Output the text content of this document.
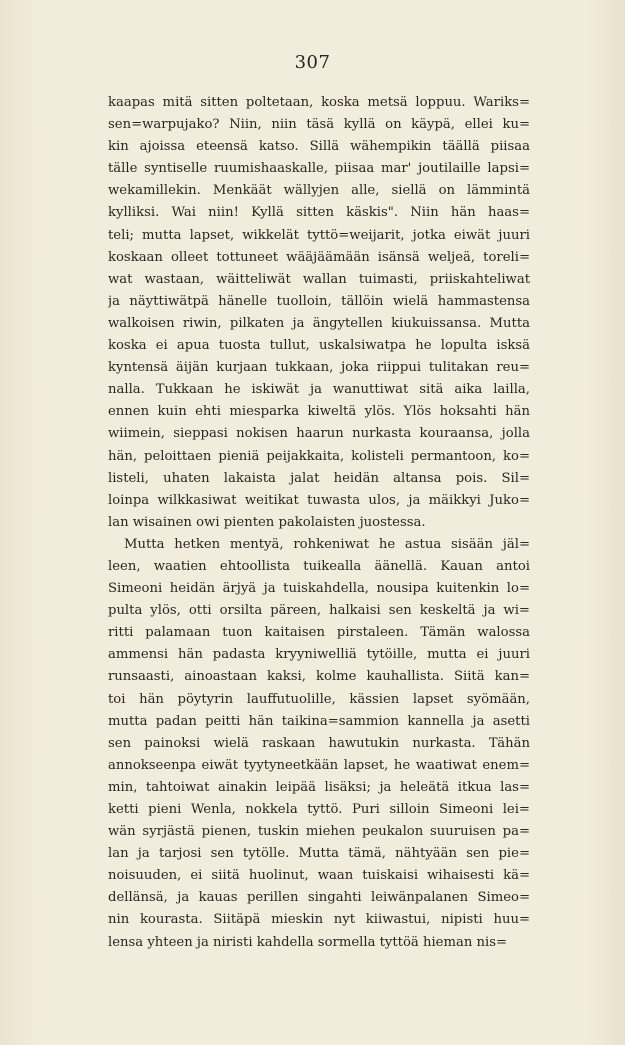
307
kaapas mitä sitten poltetaan, koska metsä loppuu. Wariks=
sen=warpujako? Niin, niin täsä kyllä on käypä, ellei ku=
kin ajoissa eteensä katso. Sillä wähempikin täällä piisaa
tälle syntiselle ruumishaaskalle, piisaa mar' joutilaille lapsi=
wekamillekin. Menkäät wällyjen alle, siellä on lämmintä
kylliksi. Wai niin! Kyllä sitten käskis". Niin hän haas=
teli; mutta lapset, wikkelät tyttö=weijarit, jotka eiwät juuri
koskaan olleet tottuneet wääjäämään isänsä weljeä, toreli=
wat wastaan, wäitteliwät wallan tuimasti, priiskahteliwat
ja näyttiwätpä hänelle tuolloin, tällöin wielä hammastensa
walkoisen riwin, pilkaten ja ängytellen kiukuissansa. Mutta
koska ei apua tuosta tullut, uskalsiwatpa he lopulta isksä
kyntensä äijän kurjaan tukkaan, joka riippui tulitakan reu=
nalla. Tukkaan he iskiwät ja wanuttiwat sitä aika lailla,
ennen kuin ehti miesparka kiweltä ylös. Ylös hoksahti hän
wiimein, sieppasi nokisen haarun nurkasta kouraansa, jolla
hän, peloittaen pieniä peijakkaita, kolisteli permantoon, ko=
listeli, uhaten lakaista jalat heidän altansa pois. Sil=
loinpa wilkkasiwat weitikat tuwasta ulos, ja mäikkyi Juko=
lan wisainen owi pienten pakolaisten juostessa.
Mutta hetken mentyä, rohkeniwat he astua sisään jäl=
leen, waatien ehtoollista tuikealla äänellä. Kauan antoi
Simeoni heidän ärjyä ja tuiskahdella, nousipa kuitenkin lo=
pulta ylös, otti orsilta päreen, halkaisi sen keskeltä ja wi=
ritti palamaan tuon kaitaisen pirstaleen. Tämän walossa
ammensi hän padasta kryyniwelliä tytöille, mutta ei juuri
runsaasti, ainoastaan kaksi, kolme kauhallista. Siitä kan=
toi hän pöytyrin lauffutuolille, kässien lapset syömään,
mutta padan peitti hän taikina=sammion kannella ja asetti
sen painoksi wielä raskaan hawutukin nurkasta. Tähän
annokseenpa eiwät tyytyneetkään lapset, he waatiwat enem=
min, tahtoiwat ainakin leipää lisäksi; ja heleätä itkua las=
ketti pieni Wenla, nokkela tyttö. Puri silloin Simeoni lei=
wän syrjästä pienen, tuskin miehen peukalon suuruisen pa=
lan ja tarjosi sen tytölle. Mutta tämä, nähtyään sen pie=
noisuuden, ei siitä huolinut, waan tuiskaisi wihaisesti kä=
dellänsä, ja kauas perillen singahti leiwänpalanen Simeo=
nin kourasta. Siitäpä mieskin nyt kiiwastui, nipisti huu=
lensa yhteen ja niristi kahdella sormella tyttöä hieman nis=
